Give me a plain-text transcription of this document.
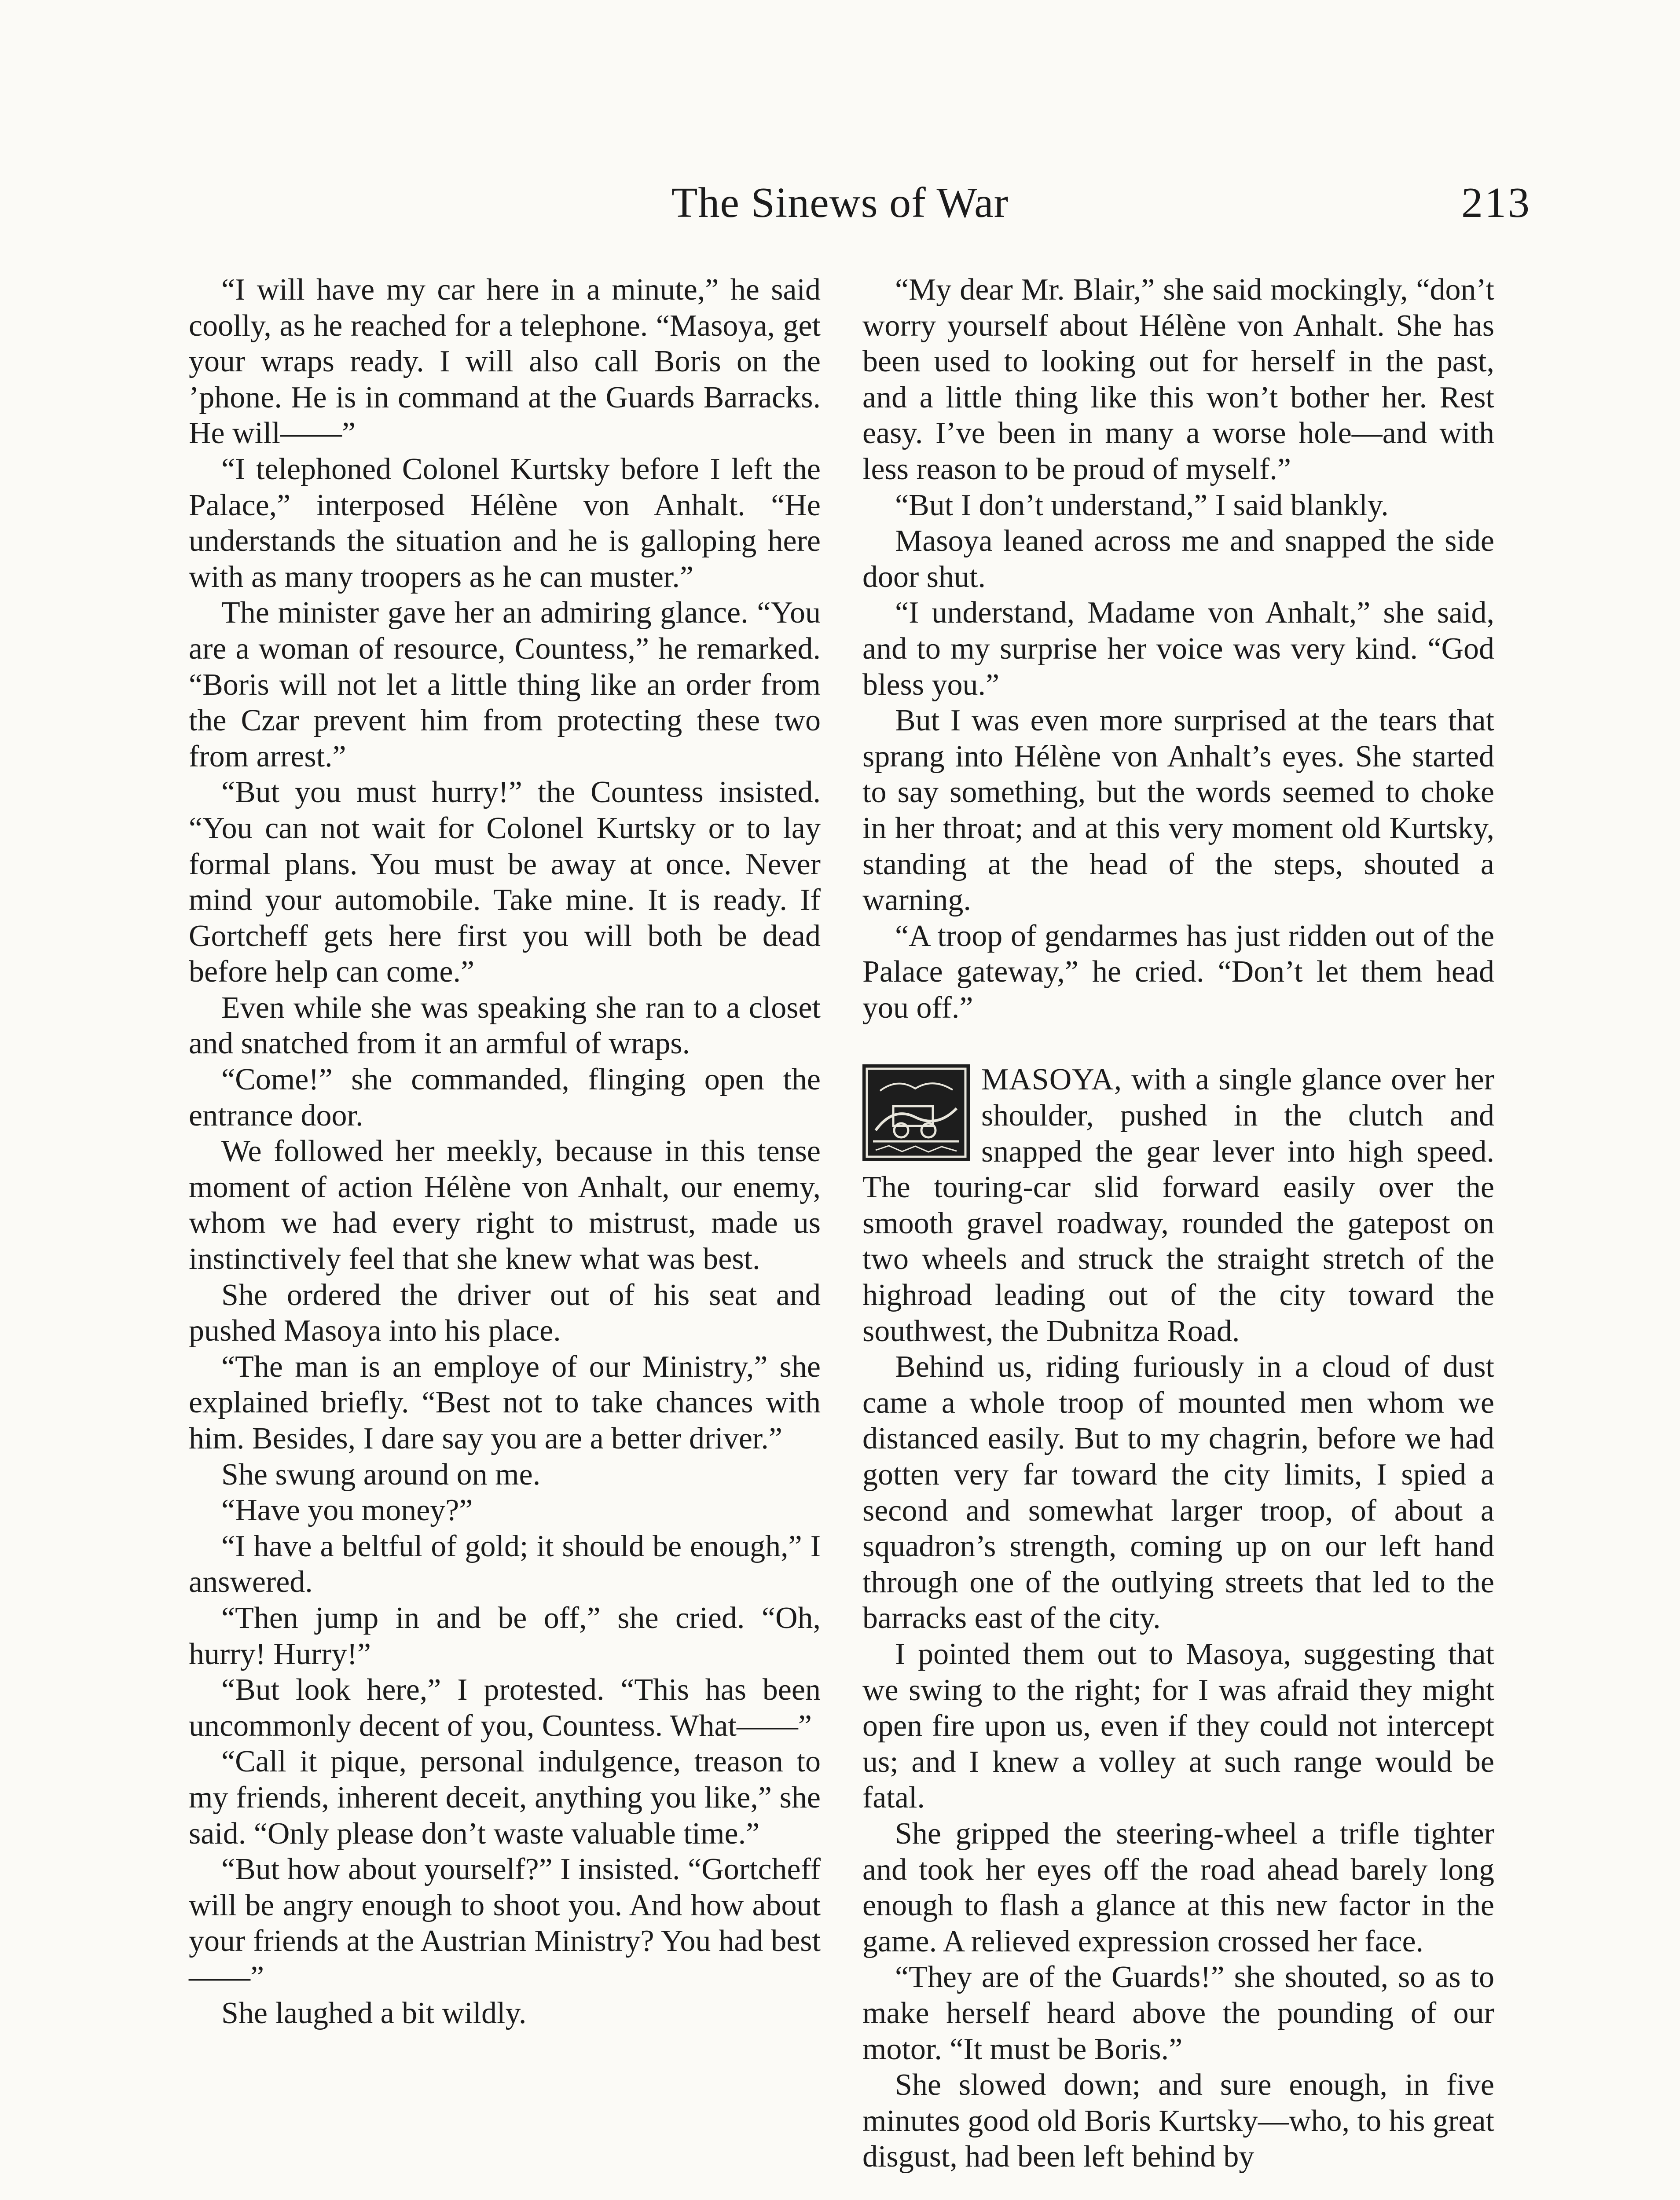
The Sinews of War	213

“I will have my car here in a minute,” he said coolly, as he reached for a telephone. “Masoya, get your wraps ready. I will also call Boris on the ’phone. He is in command at the Guards Barracks. He will——”

“I telephoned Colonel Kurtsky before I left the Palace,” interposed Hélène von Anhalt. “He understands the situation and he is galloping here with as many troopers as he can muster.”

The minister gave her an admiring glance. “You are a woman of resource, Countess,” he remarked. “Boris will not let a little thing like an order from the Czar prevent him from protecting these two from arrest.”

“But you must hurry!” the Countess insisted. “You can not wait for Colonel Kurtsky or to lay formal plans. You must be away at once. Never mind your automobile. Take mine. It is ready. If Gortcheff gets here first you will both be dead before help can come.”

Even while she was speaking she ran to a closet and snatched from it an armful of wraps.

“Come!” she commanded, flinging open the entrance door.

We followed her meekly, because in this tense moment of action Hélène von Anhalt, our enemy, whom we had every right to mistrust, made us instinctively feel that she knew what was best.

She ordered the driver out of his seat and pushed Masoya into his place.

“The man is an employe of our Ministry,” she explained briefly. “Best not to take chances with him. Besides, I dare say you are a better driver.”

She swung around on me.

“Have you money?”

“I have a beltful of gold; it should be enough,” I answered.

“Then jump in and be off,” she cried. “Oh, hurry! Hurry!”

“But look here,” I protested. “This has been uncommonly decent of you, Countess. What——”

“Call it pique, personal indulgence, treason to my friends, inherent deceit, anything you like,” she said. “Only please don’t waste valuable time.”

“But how about yourself?” I insisted. “Gortcheff will be angry enough to shoot you. And how about your friends at the Austrian Ministry? You had best——”

She laughed a bit wildly.

“My dear Mr. Blair,” she said mockingly, “don’t worry yourself about Hélène von Anhalt. She has been used to looking out for herself in the past, and a little thing like this won’t bother her. Rest easy. I’ve been in many a worse hole—and with less reason to be proud of myself.”

“But I don’t understand,” I said blankly.

Masoya leaned across me and snapped the side door shut.

“I understand, Madame von Anhalt,” she said, and to my surprise her voice was very kind. “God bless you.”

But I was even more surprised at the tears that sprang into Hélène von Anhalt’s eyes. She started to say something, but the words seemed to choke in her throat; and at this very moment old Kurtsky, standing at the head of the steps, shouted a warning.

“A troop of gendarmes has just ridden out of the Palace gateway,” he cried. “Don’t let them head you off.”

MASOYA, with a single glance over her shoulder, pushed in the clutch and snapped the gear lever into high speed. The touring-car slid forward easily over the smooth gravel roadway, rounded the gatepost on two wheels and struck the straight stretch of the highroad leading out of the city toward the southwest, the Dubnitza Road.

Behind us, riding furiously in a cloud of dust came a whole troop of mounted men whom we distanced easily. But to my chagrin, before we had gotten very far toward the city limits, I spied a second and somewhat larger troop, of about a squadron’s strength, coming up on our left hand through one of the outlying streets that led to the barracks east of the city.

I pointed them out to Masoya, suggesting that we swing to the right; for I was afraid they might open fire upon us, even if they could not intercept us; and I knew a volley at such range would be fatal.

She gripped the steering-wheel a trifle tighter and took her eyes off the road ahead barely long enough to flash a glance at this new factor in the game. A relieved expression crossed her face.

“They are of the Guards!” she shouted, so as to make herself heard above the pounding of our motor. “It must be Boris.”

She slowed down; and sure enough, in five minutes good old Boris Kurtsky—who, to his great disgust, had been left behind by
